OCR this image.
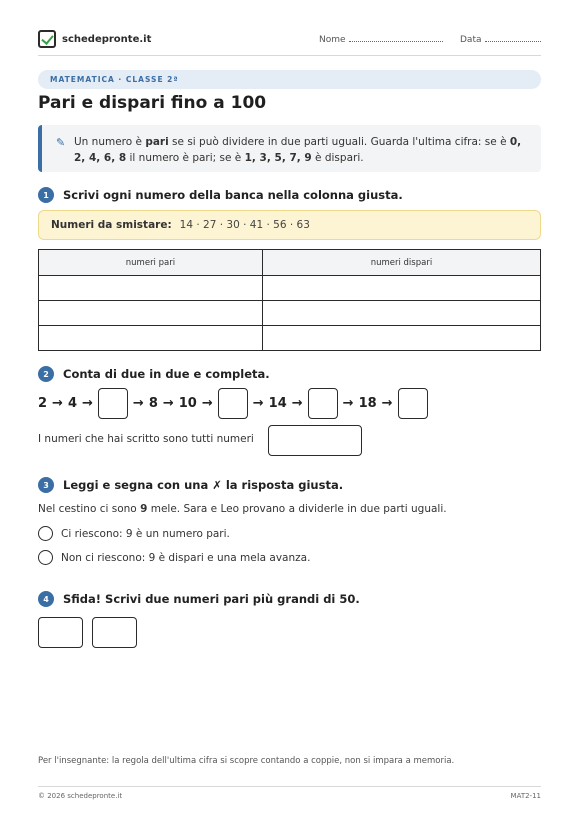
schedepronte.it	Nome	Data
MATEMATICA · CLASSE 2ª
Pari e dispari fino a 100
✎ Un numero è pari se si può dividere in due parti uguali. Guarda l'ultima cifra: se è 0, 2, 4, 6, 8 il numero è pari; se è 1, 3, 5, 7, 9 è dispari.
1	Scrivi ogni numero della banca nella colonna giusta.
Numeri da smistare: 14 · 27 · 30 · 41 · 56 · 63
numeri pari	numeri dispari

2	Conta di due in due e completa.
2 → 4 →	→ 8 → 10 →	→ 14 →	→ 18 →
I numeri che hai scritto sono tutti numeri
3	Leggi e segna con una ✗ la risposta giusta.
Nel cestino ci sono 9 mele. Sara e Leo provano a dividerle in due parti uguali.
Ci riescono: 9 è un numero pari.
Non ci riescono: 9 è dispari e una mela avanza.
4	Sfida! Scrivi due numeri pari più grandi di 50.
Per l'insegnante: la regola dell'ultima cifra si scopre contando a coppie, non si impara a memoria.
© 2026 schedepronte.it	MAT2-11
